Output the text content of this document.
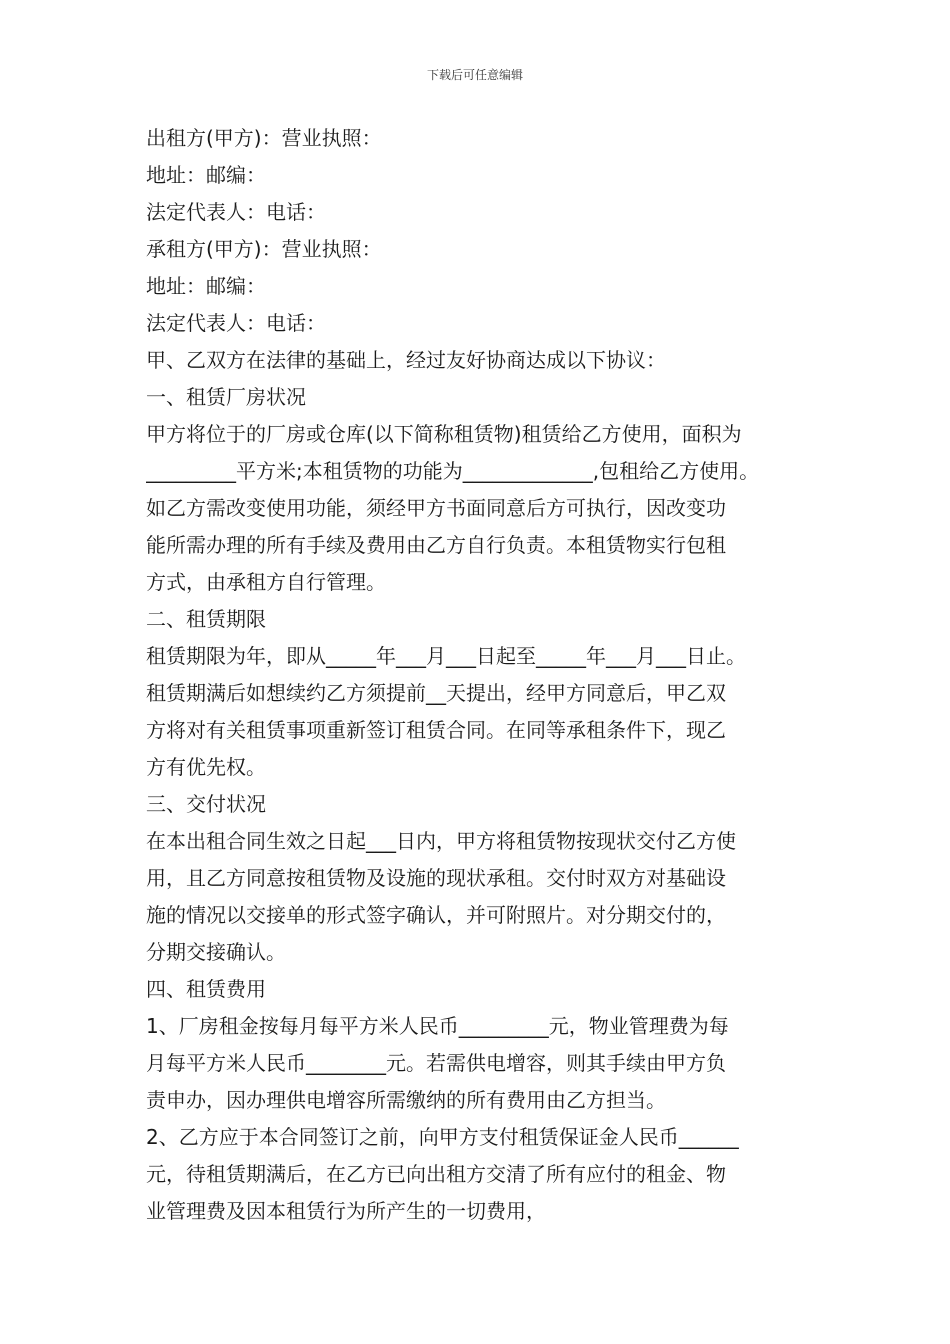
下载后可任意编辑
出租方(甲方)：营业执照：
地址：邮编：
法定代表人：电话：
承租方(甲方)：营业执照：
地址：邮编：
法定代表人：电话：
甲、乙双方在法律的基础上，经过友好协商达成以下协议：
一、租赁厂房状况
甲方将位于的厂房或仓库(以下简称租赁物)租赁给乙方使用，面积为
_________平方米;本租赁物的功能为_____________,包租给乙方使用。
如乙方需改变使用功能，须经甲方书面同意后方可执行，因改变功
能所需办理的所有手续及费用由乙方自行负责。本租赁物实行包租
方式，由承租方自行管理。
二、租赁期限
租赁期限为年，即从_____年___月___日起至_____年___月___日止。
租赁期满后如想续约乙方须提前__天提出，经甲方同意后，甲乙双
方将对有关租赁事项重新签订租赁合同。在同等承租条件下，现乙
方有优先权。
三、交付状况
在本出租合同生效之日起___日内，甲方将租赁物按现状交付乙方使
用，且乙方同意按租赁物及设施的现状承租。交付时双方对基础设
施的情况以交接单的形式签字确认，并可附照片。对分期交付的，
分期交接确认。
四、租赁费用
1、厂房租金按每月每平方米人民币_________元，物业管理费为每
月每平方米人民币________元。若需供电增容，则其手续由甲方负
责申办，因办理供电增容所需缴纳的所有费用由乙方担当。
2、乙方应于本合同签订之前，向甲方支付租赁保证金人民币______
元，待租赁期满后，在乙方已向出租方交清了所有应付的租金、物
业管理费及因本租赁行为所产生的一切费用，
